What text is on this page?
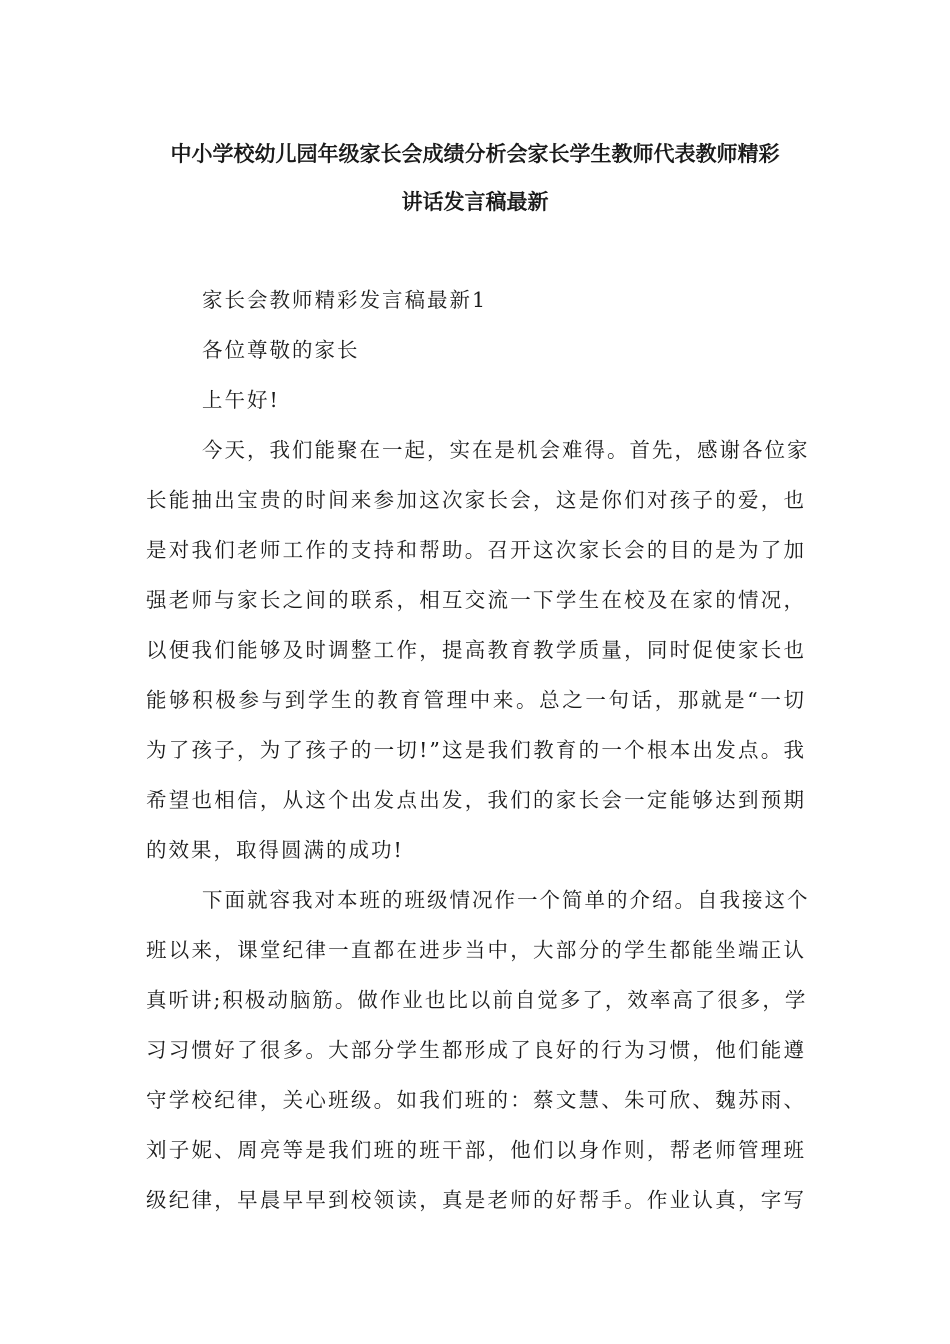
中小学校幼儿园年级家长会成绩分析会家长学生教师代表教师精彩
讲话发言稿最新

家长会教师精彩发言稿最新1

各位尊敬的家长

上午好!

今天，我们能聚在一起，实在是机会难得。首先，感谢各位家

长能抽出宝贵的时间来参加这次家长会，这是你们对孩子的爱，也

是对我们老师工作的支持和帮助。召开这次家长会的目的是为了加

强老师与家长之间的联系，相互交流一下学生在校及在家的情况，

以便我们能够及时调整工作，提高教育教学质量，同时促使家长也

能够积极参与到学生的教育管理中来。总之一句话，那就是“一切

为了孩子，为了孩子的一切!”这是我们教育的一个根本出发点。我

希望也相信，从这个出发点出发，我们的家长会一定能够达到预期

的效果，取得圆满的成功!

下面就容我对本班的班级情况作一个简单的介绍。自我接这个

班以来，课堂纪律一直都在进步当中，大部分的学生都能坐端正认

真听讲;积极动脑筋。做作业也比以前自觉多了，效率高了很多，学

习习惯好了很多。大部分学生都形成了良好的行为习惯，他们能遵

守学校纪律，关心班级。如我们班的：蔡文慧、朱可欣、魏苏雨、

刘子妮、周亮等是我们班的班干部，他们以身作则，帮老师管理班

级纪律，早晨早早到校领读，真是老师的好帮手。作业认真，字写
